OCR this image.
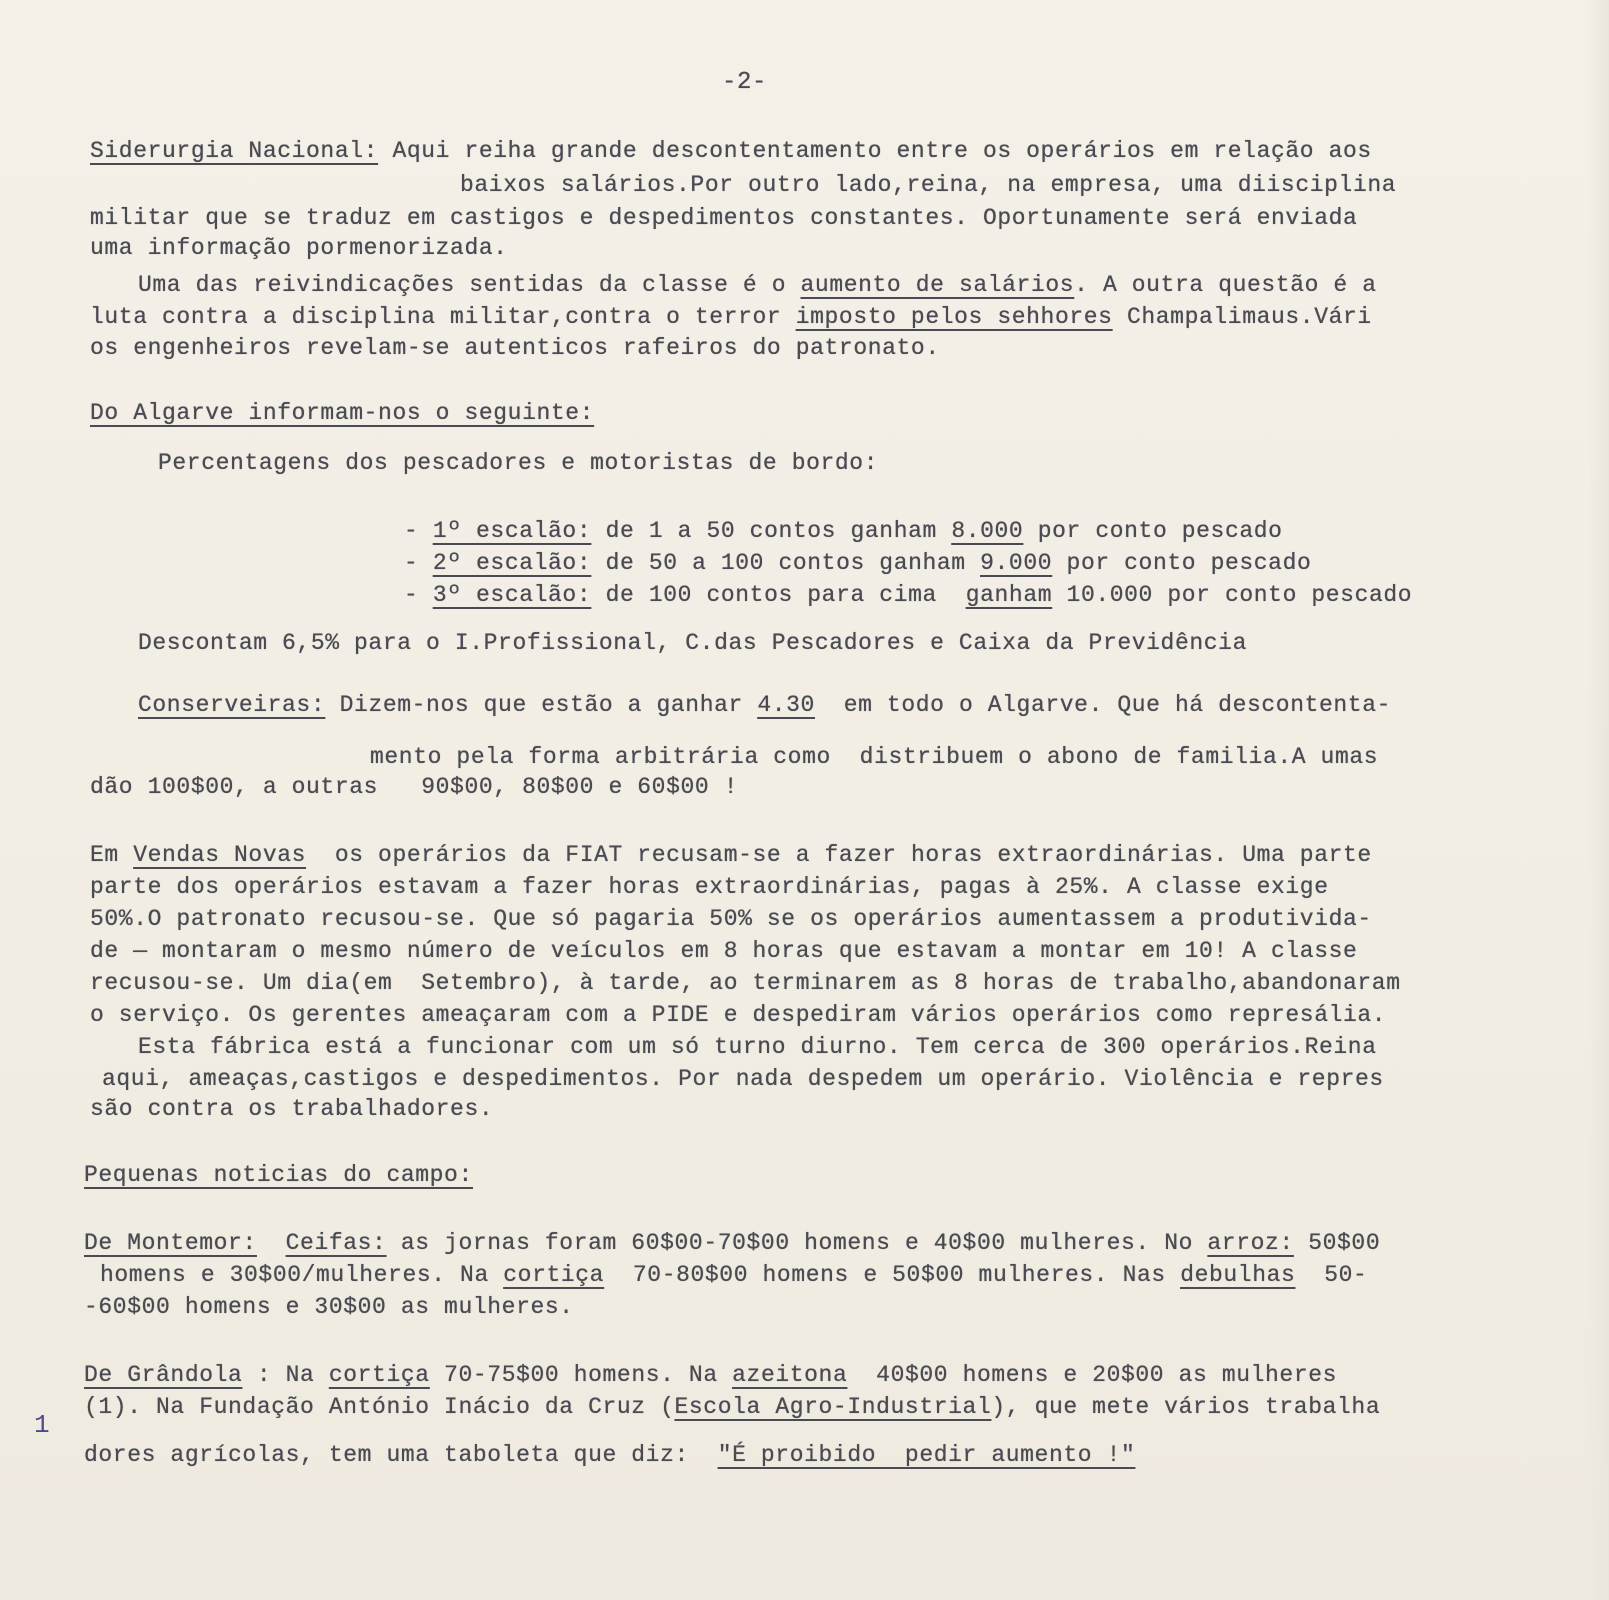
-2-
Siderurgia Nacional: Aqui reiha grande descontentamento entre os operários em relação aos
baixos salários.Por outro lado,reina, na empresa, uma diisciplina
militar que se traduz em castigos e despedimentos constantes. Oportunamente será enviada
uma informação pormenorizada.
Uma das reivindicações sentidas da classe é o aumento de salários. A outra questão é a
luta contra a disciplina militar,contra o terror imposto pelos sehhores Champalimaus.Vári
os engenheiros revelam-se autenticos rafeiros do patronato.
Do Algarve informam-nos o seguinte:
Percentagens dos pescadores e motoristas de bordo:
- 1º escalão: de 1 a 50 contos ganham 8.000 por conto pescado
- 2º escalão: de 50 a 100 contos ganham 9.000 por conto pescado
- 3º escalão: de 100 contos para cima  ganham 10.000 por conto pescado
Descontam 6,5% para o I.Profissional, C.das Pescadores e Caixa da Previdência
Conserveiras: Dizem-nos que estão a ganhar 4.30  em todo o Algarve. Que há descontenta-
mento pela forma arbitrária como  distribuem o abono de familia.A umas
dão 100$00, a outras   90$00, 80$00 e 60$00 !
Em Vendas Novas  os operários da FIAT recusam-se a fazer horas extraordinárias. Uma parte
parte dos operários estavam a fazer horas extraordinárias, pagas à 25%. A classe exige
50%.O patronato recusou-se. Que só pagaria 50% se os operários aumentassem a produtivida-
de — montaram o mesmo número de veículos em 8 horas que estavam a montar em 10! A classe
recusou-se. Um dia(em  Setembro), à tarde, ao terminarem as 8 horas de trabalho,abandonaram
o serviço. Os gerentes ameaçaram com a PIDE e despediram vários operários como represália.
Esta fábrica está a funcionar com um só turno diurno. Tem cerca de 300 operários.Reina
aqui, ameaças,castigos e despedimentos. Por nada despedem um operário. Violência e repres
são contra os trabalhadores.
Pequenas noticias do campo:
De Montemor: Ceifas: as jornas foram 60$00-70$00 homens e 40$00 mulheres. No arroz: 50$00
homens e 30$00/mulheres. Na cortiça  70-80$00 homens e 50$00 mulheres. Nas debulhas  50-
-60$00 homens e 30$00 as mulheres.
De Grândola : Na cortiça 70-75$00 homens. Na azeitona  40$00 homens e 20$00 as mulheres
(1). Na Fundação António Inácio da Cruz (Escola Agro-Industrial), que mete vários trabalha
dores agrícolas, tem uma taboleta que diz:  "É proibido  pedir aumento !"
1
